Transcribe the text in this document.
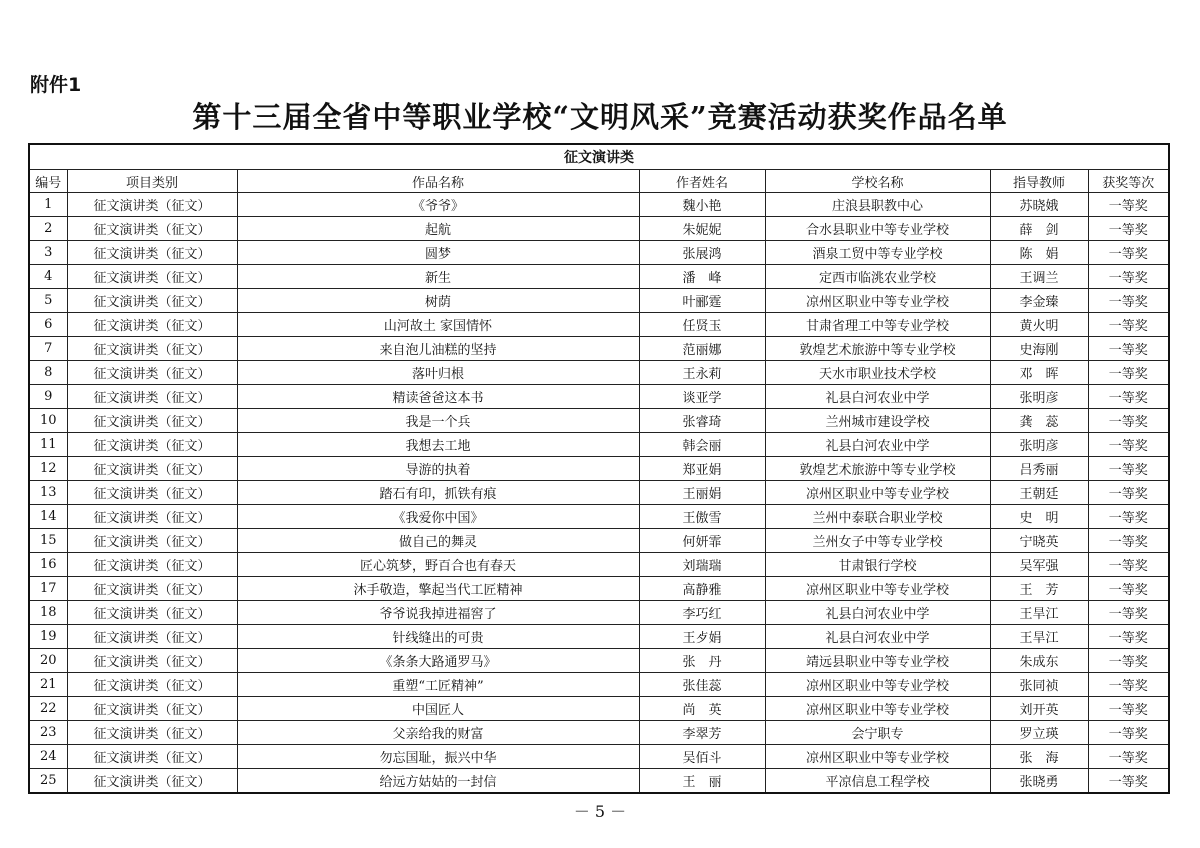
附件1
第十三届全省中等职业学校“文明风采”竞赛活动获奖作品名单
征文演讲类						
编号	项目类别	作品名称	作者姓名	学校名称	指导教师	获奖等次
1	征文演讲类（征文）	《爷爷》	魏小艳	庄浪县职教中心	苏晓娥	一等奖
2	征文演讲类（征文）	起航	朱妮妮	合水县职业中等专业学校	薛　剑	一等奖
3	征文演讲类（征文）	圆梦	张展鸿	酒泉工贸中等专业学校	陈　娟	一等奖
4	征文演讲类（征文）	新生	潘　峰	定西市临洮农业学校	王调兰	一等奖
5	征文演讲类（征文）	树荫	叶郦霆	凉州区职业中等专业学校	李金臻	一等奖
6	征文演讲类（征文）	山河故土 家国情怀	任贤玉	甘肃省理工中等专业学校	黄火明	一等奖
7	征文演讲类（征文）	来自泡儿油糕的坚持	范丽娜	敦煌艺术旅游中等专业学校	史海刚	一等奖
8	征文演讲类（征文）	落叶归根	王永莉	天水市职业技术学校	邓　晖	一等奖
9	征文演讲类（征文）	精读爸爸这本书	谈亚学	礼县白河农业中学	张明彦	一等奖
10	征文演讲类（征文）	我是一个兵	张睿琦	兰州城市建设学校	龚　蕊	一等奖
11	征文演讲类（征文）	我想去工地	韩会丽	礼县白河农业中学	张明彦	一等奖
12	征文演讲类（征文）	导游的执着	郑亚娟	敦煌艺术旅游中等专业学校	吕秀丽	一等奖
13	征文演讲类（征文）	踏石有印，抓铁有痕	王丽娟	凉州区职业中等专业学校	王朝廷	一等奖
14	征文演讲类（征文）	《我爱你中国》	王傲雪	兰州中泰联合职业学校	史　明	一等奖
15	征文演讲类（征文）	做自己的舞灵	何妍霏	兰州女子中等专业学校	宁晓英	一等奖
16	征文演讲类（征文）	匠心筑梦，野百合也有春天	刘瑞瑞	甘肃银行学校	吴军强	一等奖
17	征文演讲类（征文）	沐手敬造，擎起当代工匠精神	高静雅	凉州区职业中等专业学校	王　芳	一等奖
18	征文演讲类（征文）	爷爷说我掉进福窖了	李巧红	礼县白河农业中学	王旱江	一等奖
19	征文演讲类（征文）	针线缝出的可贵	王歺娟	礼县白河农业中学	王旱江	一等奖
20	征文演讲类（征文）	《条条大路通罗马》	张　丹	靖远县职业中等专业学校	朱成东	一等奖
21	征文演讲类（征文）	重塑“工匠精神”	张佳蕊	凉州区职业中等专业学校	张同祯	一等奖
22	征文演讲类（征文）	中国匠人	尚　英	凉州区职业中等专业学校	刘开英	一等奖
23	征文演讲类（征文）	父亲给我的财富	李翠芳	会宁职专	罗立瑛	一等奖
24	征文演讲类（征文）	勿忘国耻，振兴中华	吴佰斗	凉州区职业中等专业学校	张　海	一等奖
25	征文演讲类（征文）	给远方姑姑的一封信	王　丽	平凉信息工程学校	张晓勇	一等奖
－ 5 －
